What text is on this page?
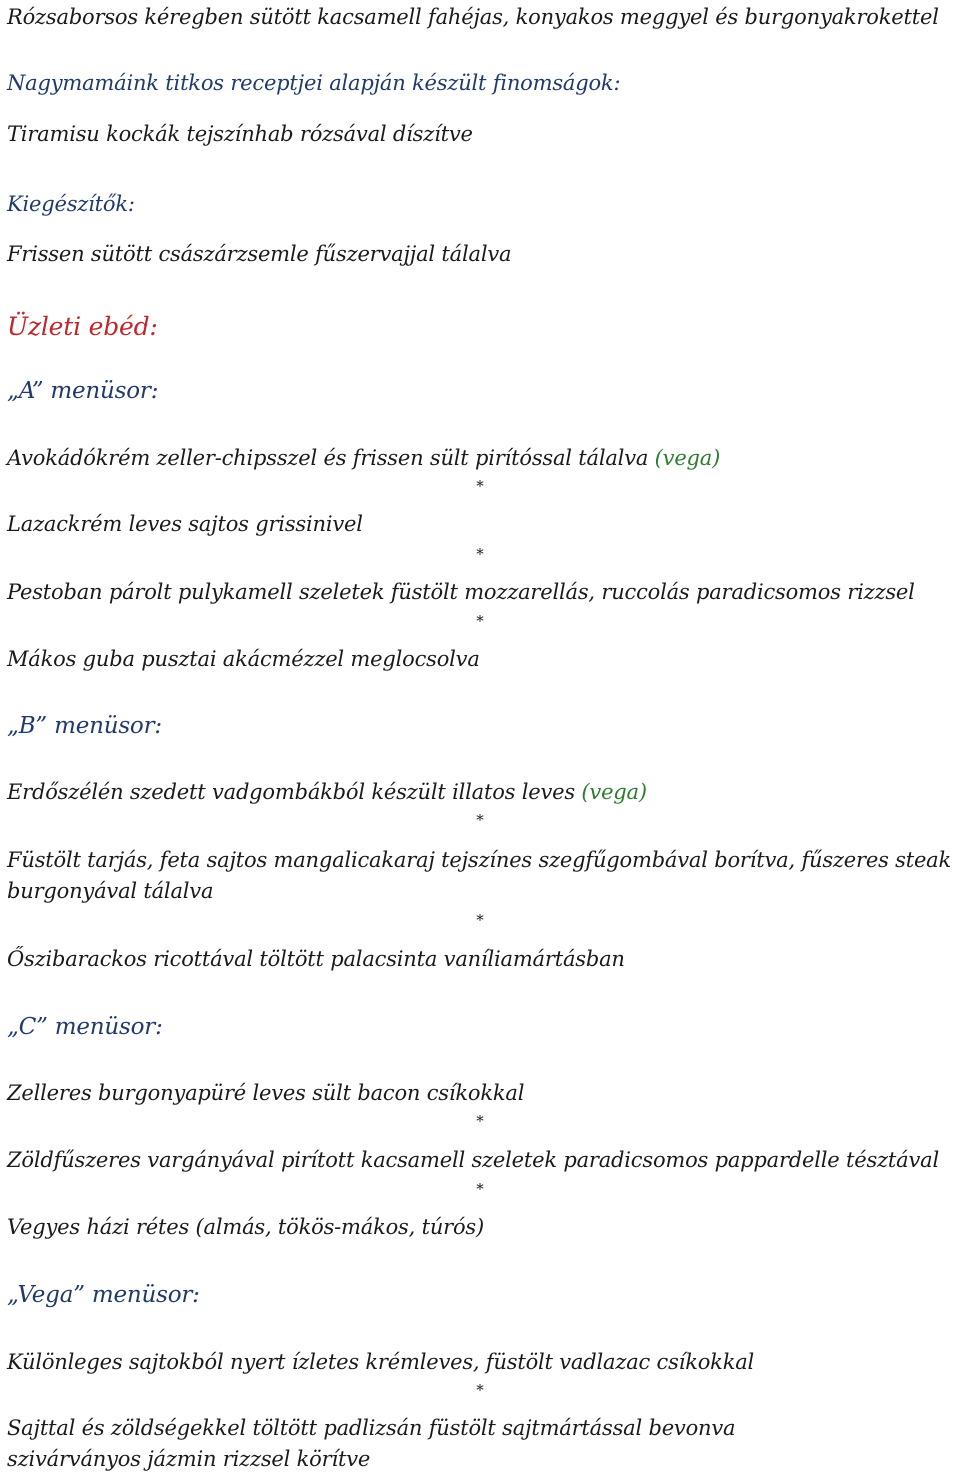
Rózsaborsos kéregben sütött kacsamell fahéjas, konyakos meggyel és burgonyakrokettel
Nagymamáink titkos receptjei alapján készült finomságok:
Tiramisu kockák tejszínhab rózsával díszítve
Kiegészítők:
Frissen sütött császárzsemle fűszervajjal tálalva
Üzleti ebéd:
„A” menüsor:
Avokádókrém zeller-chipsszel és frissen sült pirítóssal tálalva (vega)
*
Lazackrém leves sajtos grissinivel
*
Pestoban párolt pulykamell szeletek füstölt mozzarellás, ruccolás paradicsomos rizzsel
*
Mákos guba pusztai akácmézzel meglocsolva
„B” menüsor:
Erdőszélén szedett vadgombákból készült illatos leves (vega)
*
Füstölt tarjás, feta sajtos mangalicakaraj tejszínes szegfűgombával borítva, fűszeres steak burgonyával tálalva
*
Őszibarackos ricottával töltött palacsinta vaníliamártásban
„C” menüsor:
Zelleres burgonyapüré leves sült bacon csíkokkal
*
Zöldfűszeres vargányával pirított kacsamell szeletek paradicsomos pappardelle tésztával
*
Vegyes házi rétes (almás, tökös-mákos, túrós)
„Vega” menüsor:
Különleges sajtokból nyert ízletes krémleves, füstölt vadlazac csíkokkal
*
Sajttal és zöldségekkel töltött padlizsán füstölt sajtmártással bevonva szivárványos jázmin rizzsel körítve
